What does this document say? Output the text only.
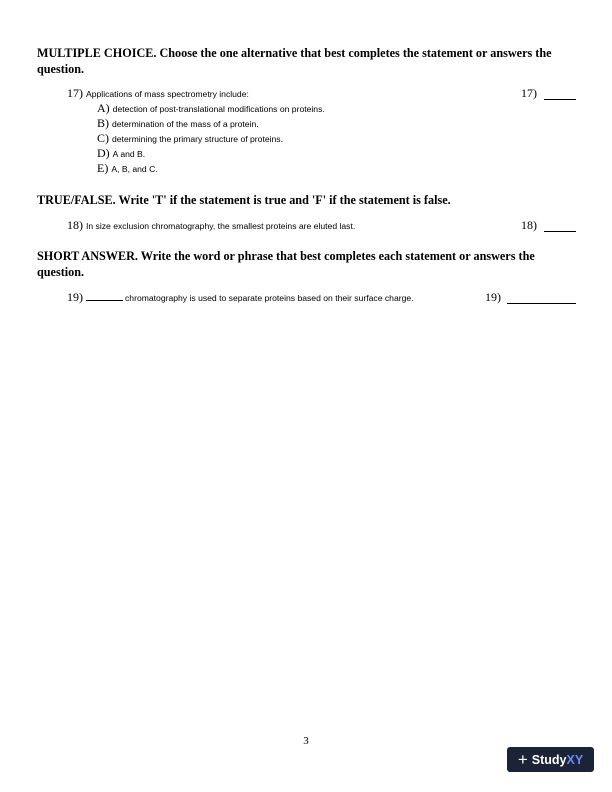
MULTIPLE CHOICE. Choose the one alternative that best completes the statement or answers the question.
17) Applications of mass spectrometry include:
A) detection of post-translational modifications on proteins.
B) determination of the mass of a protein.
C) determining the primary structure of proteins.
D) A and B.
E) A, B, and C.
17)
TRUE/FALSE. Write 'T' if the statement is true and 'F' if the statement is false.
18) In size exclusion chromatography, the smallest proteins are eluted last.	18)
SHORT ANSWER. Write the word or phrase that best completes each statement or answers the question.
19)	chromatography is used to separate proteins based on their surface charge.	19)
3
+ Study XY
